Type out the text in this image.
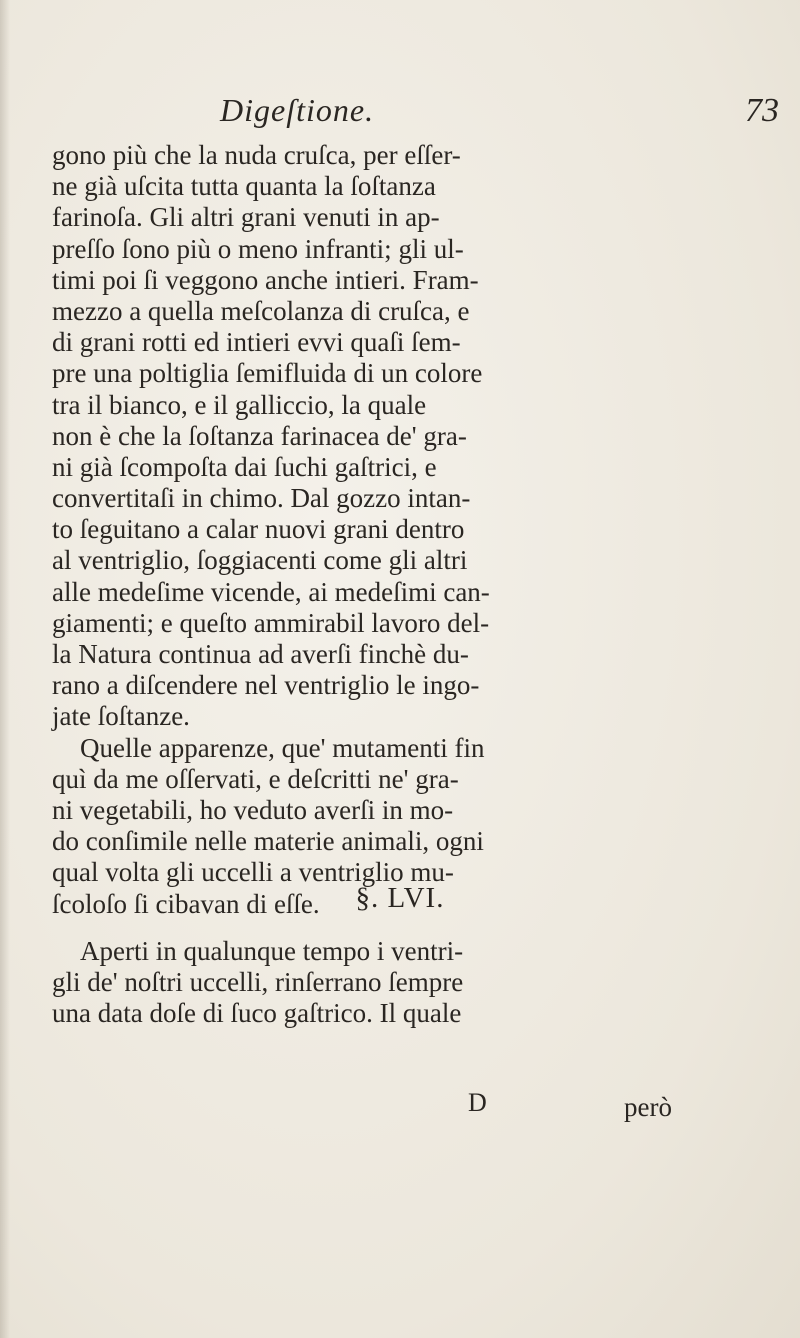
Digeſtione.	73
gono più che la nuda cruſca, per eſſer-
ne già uſcita tutta quanta la ſoſtanza
farinoſa. Gli altri grani venuti in ap-
preſſo ſono più o meno infranti; gli ul-
timi poi ſi veggono anche intieri. Fram-
mezzo a quella meſcolanza di cruſca, e
di grani rotti ed intieri evvi quaſi ſem-
pre una poltiglia ſemifluida di un colore
tra il bianco, e il galliccio, la quale
non è che la ſoſtanza farinacea de' gra-
ni già ſcompoſta dai ſuchi gaſtrici, e
convertitaſi in chimo. Dal gozzo intan-
to ſeguitano a calar nuovi grani dentro
al ventriglio, ſoggiacenti come gli altri
alle medeſime vicende, ai medeſimi can-
giamenti; e queſto ammirabil lavoro del-
la Natura continua ad averſi finchè du-
rano a diſcendere nel ventriglio le ingo-
jate ſoſtanze.
Quelle apparenze, que' mutamenti fin
quì da me oſſervati, e deſcritti ne' gra-
ni vegetabili, ho veduto averſi in mo-
do conſimile nelle materie animali, ogni
qual volta gli uccelli a ventriglio mu-
ſcoloſo ſi cibavan di eſſe.	§. LVI.
Aperti in qualunque tempo i ventri-
gli de' noſtri uccelli, rinſerrano ſempre
una data doſe di ſuco gaſtrico. Il quale
D	però
